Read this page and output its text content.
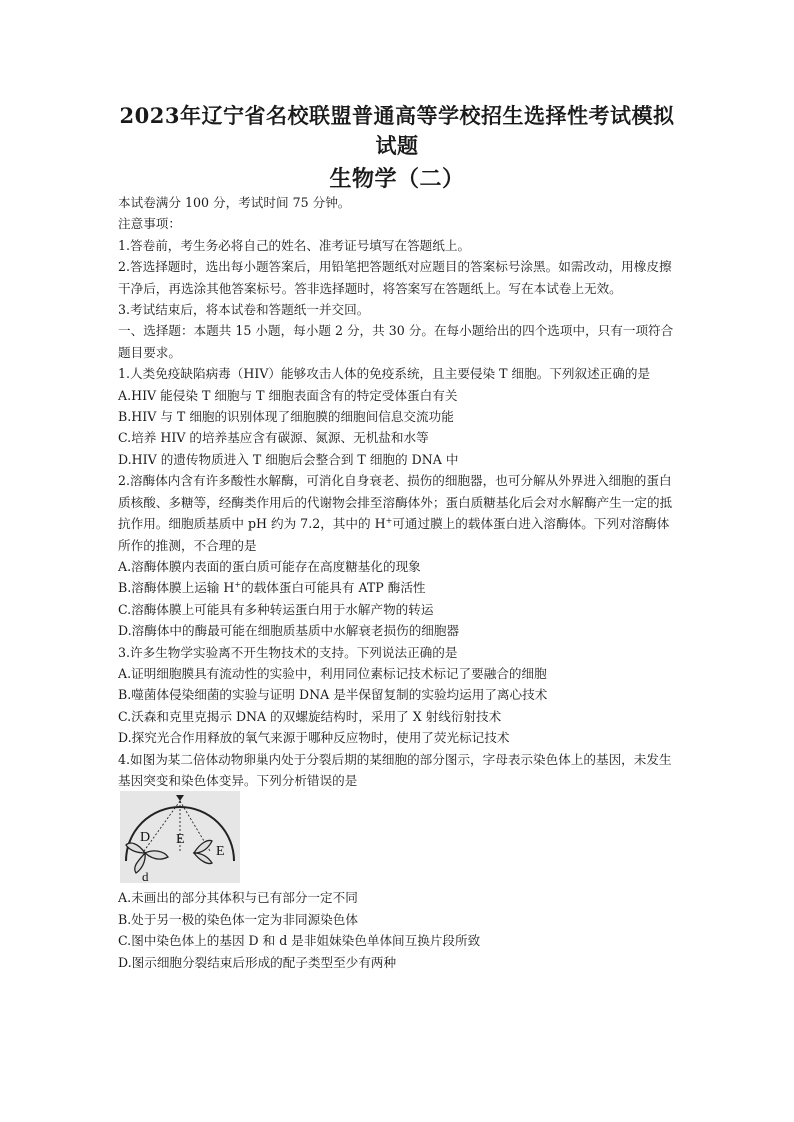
2023年辽宁省名校联盟普通高等学校招生选择性考试模拟
试题
生物学（二）

本试卷满分 100 分，考试时间 75 分钟。

注意事项：

1.答卷前，考生务必将自己的姓名、准考证号填写在答题纸上。

2.答选择题时，选出每小题答案后，用铅笔把答题纸对应题目的答案标号涂黑。如需改动，用橡皮擦干净后，再选涂其他答案标号。答非选择题时，将答案写在答题纸上。写在本试卷上无效。

3.考试结束后，将本试卷和答题纸一并交回。

一、选择题：本题共 15 小题，每小题 2 分，共 30 分。在每小题给出的四个选项中，只有一项符合题目要求。

1.人类免疫缺陷病毒（HIV）能够攻击人体的免疫系统，且主要侵染 T 细胞。下列叙述正确的是

A.HIV 能侵染 T 细胞与 T 细胞表面含有的特定受体蛋白有关

B.HIV 与 T 细胞的识别体现了细胞膜的细胞间信息交流功能

C.培养 HIV 的培养基应含有碳源、氮源、无机盐和水等

D.HIV 的遗传物质进入 T 细胞后会整合到 T 细胞的 DNA 中

2.溶酶体内含有许多酸性水解酶，可消化自身衰老、损伤的细胞器，也可分解从外界进入细胞的蛋白质核酸、多糖等，经酶类作用后的代谢物会排至溶酶体外；蛋白质糖基化后会对水解酶产生一定的抵抗作用。细胞质基质中 pH 约为 7.2，其中的 H+可通过膜上的载体蛋白进入溶酶体。下列对溶酶体所作的推测，不合理的是

A.溶酶体膜内表面的蛋白质可能存在高度糖基化的现象

B.溶酶体膜上运输 H+的载体蛋白可能具有 ATP 酶活性

C.溶酶体膜上可能具有多种转运蛋白用于水解产物的转运

D.溶酶体中的酶最可能在细胞质基质中水解衰老损伤的细胞器

3.许多生物学实验离不开生物技术的支持。下列说法正确的是

A.证明细胞膜具有流动性的实验中，利用同位素标记技术标记了要融合的细胞

B.噬菌体侵染细菌的实验与证明 DNA 是半保留复制的实验均运用了离心技术

C.沃森和克里克揭示 DNA 的双螺旋结构时，采用了 X 射线衍射技术

D.探究光合作用释放的氧气来源于哪种反应物时，使用了荧光标记技术

4.如图为某二倍体动物卵巢内处于分裂后期的某细胞的部分图示，字母表示染色体上的基因，未发生基因突变和染色体变异。下列分析错误的是

D E
E
d

A.未画出的部分其体积与已有部分一定不同

B.处于另一极的染色体一定为非同源染色体

C.图中染色体上的基因 D 和 d 是非姐妹染色单体间互换片段所致

D.图示细胞分裂结束后形成的配子类型至少有两种
